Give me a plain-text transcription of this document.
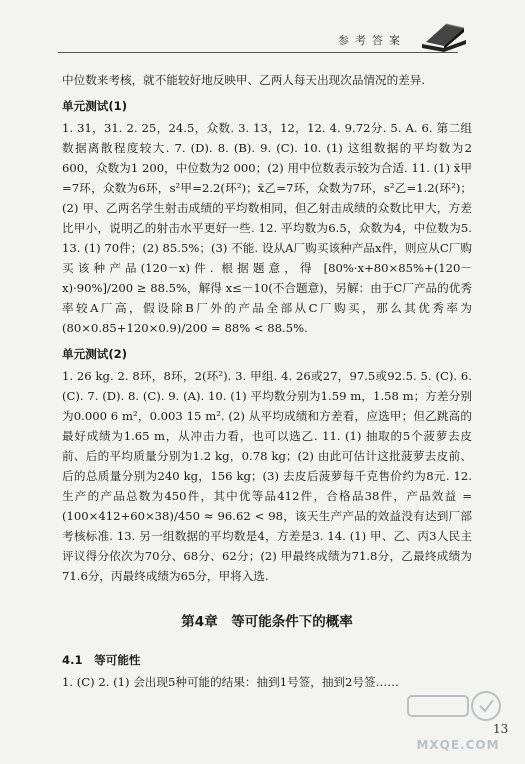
参考答案

中位数来考核，就不能较好地反映甲、乙两人每天出现次品情况的差异.

单元测试(1)

1. 31，31. 2. 25，24.5，众数. 3. 13，12，12. 4. 9.72分. 5. A. 6. 第二组数据离散程度较大. 7. (D). 8. (B). 9. (C). 10. (1) 这组数据的平均数为2 600，众数为1 200，中位数为2 000；(2) 用中位数表示较为合适. 11. (1) x̄甲=7环，众数为6环，s²甲=2.2(环²)；x̄乙=7环，众数为7环，s²乙=1.2(环²)；(2) 甲、乙两名学生射击成绩的平均数相同，但乙射击成绩的众数比甲大，方差比甲小，说明乙的射击水平更好一些. 12. 平均数为6.5，众数为4，中位数为5. 13. (1) 70件；(2) 85.5%；(3) 不能. 设从A厂购买该种产品x件，则应从C厂购买该种产品(120－x)件. 根据题意，得 [80%·x+80×85%+(120－x)·90%]/200 ≥ 88.5%，解得 x≤－10(不合题意)，另解：由于C厂产品的优秀率较A厂高，假设除B厂外的产品全部从C厂购买，那么其优秀率为 (80×0.85+120×0.9)/200 = 88% < 88.5%.

单元测试(2)

1. 26 kg. 2. 8环，8环，2(环²). 3. 甲组. 4. 26或27，97.5或92.5. 5. (C). 6. (C). 7. (D). 8. (C). 9. (A). 10. (1) 平均数分别为1.59 m，1.58 m；方差分别为0.000 6 m²，0.003 15 m². (2) 从平均成绩和方差看，应选甲；但乙跳高的最好成绩为1.65 m，从冲击力看，也可以选乙. 11. (1) 抽取的5个菠萝去皮前、后的平均质量分别为1.2 kg，0.78 kg；(2) 由此可估计这批菠萝去皮前、后的总质量分别为240 kg，156 kg；(3) 去皮后菠萝每千克售价约为8元. 12. 生产的产品总数为450件，其中优等品412件，合格品38件，产品效益 = (100×412+60×38)/450 ≈ 96.62 < 98，该天生产产品的效益没有达到厂部考核标准. 13. 另一组数据的平均数是4，方差是3. 14. (1) 甲、乙、丙3人民主评议得分依次为70分、68分、62分；(2) 甲最终成绩为71.8分，乙最终成绩为71.6分，丙最终成绩为65分，甲将入选.

第4章　等可能条件下的概率

4.1　等可能性

1. (C) 2. (1) 会出现5种可能的结果：抽到1号签，抽到2号签……

13
MXQE.COM
